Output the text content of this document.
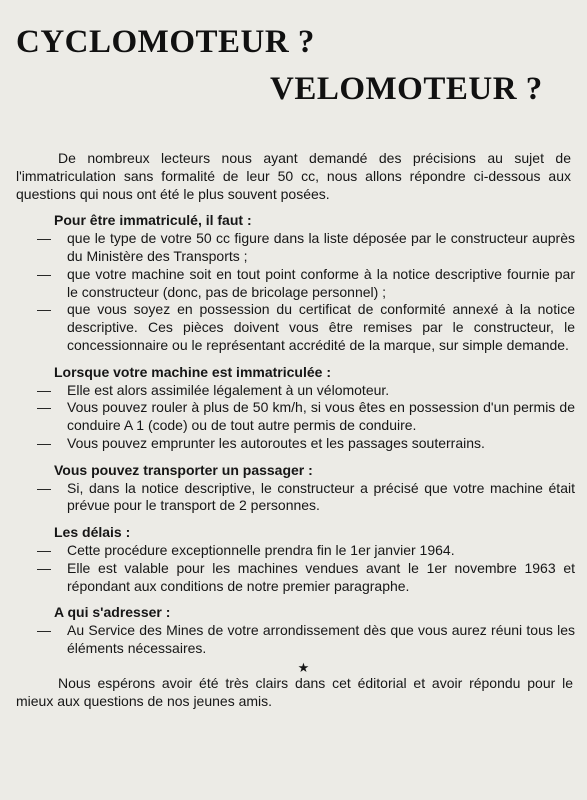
CYCLOMOTEUR ?
VELOMOTEUR ?

De nombreux lecteurs nous ayant demandé des précisions au sujet de l'immatriculation sans formalité de leur 50 cc, nous allons répondre ci-dessous aux questions qui nous ont été le plus souvent posées.

Pour être immatriculé, il faut :
—	que le type de votre 50 cc figure dans la liste déposée par le constructeur auprès du Ministère des Transports ;
—	que votre machine soit en tout point conforme à la notice descriptive fournie par le constructeur (donc, pas de bricolage personnel) ;
—	que vous soyez en possession du certificat de conformité annexé à la notice descriptive. Ces pièces doivent vous être remises par le constructeur, le concessionnaire ou le représentant accrédité de la marque, sur simple demande.
Lorsque votre machine est immatriculée :
—	Elle est alors assimilée légalement à un vélomoteur.
—	Vous pouvez rouler à plus de 50 km/h, si vous êtes en possession d'un permis de conduire A 1 (code) ou de tout autre permis de conduire.
—	Vous pouvez emprunter les autoroutes et les passages souterrains.
Vous pouvez transporter un passager :
—	Si, dans la notice descriptive, le constructeur a précisé que votre machine était prévue pour le transport de 2 personnes.
Les délais :
—	Cette procédure exceptionnelle prendra fin le 1er janvier 1964.
—	Elle est valable pour les machines vendues avant le 1er novembre 1963 et répondant aux conditions de notre premier paragraphe.
A qui s'adresser :
—	Au Service des Mines de votre arrondissement dès que vous aurez réuni tous les éléments nécessaires.
★

Nous espérons avoir été très clairs dans cet éditorial et avoir répondu pour le mieux aux questions de nos jeunes amis.
